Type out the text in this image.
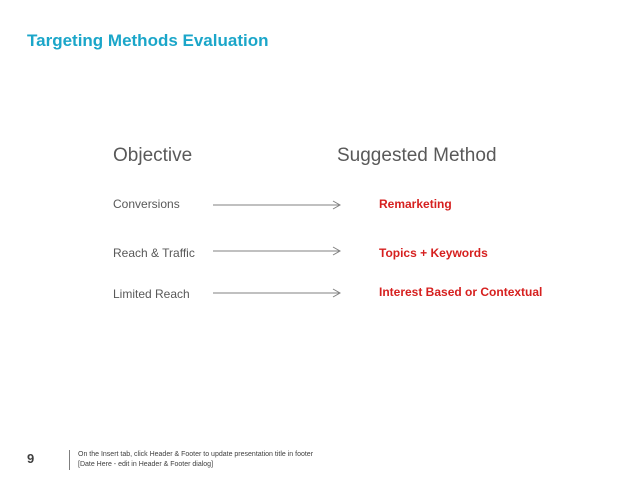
Targeting Methods Evaluation
Objective	Suggested Method
Conversions	Remarketing
Reach & Traffic	Topics + Keywords
Limited Reach	Interest Based or Contextual
9	On the Insert tab, click Header & Footer to update presentation title in footer
[Date Here - edit in Header & Footer dialog]
